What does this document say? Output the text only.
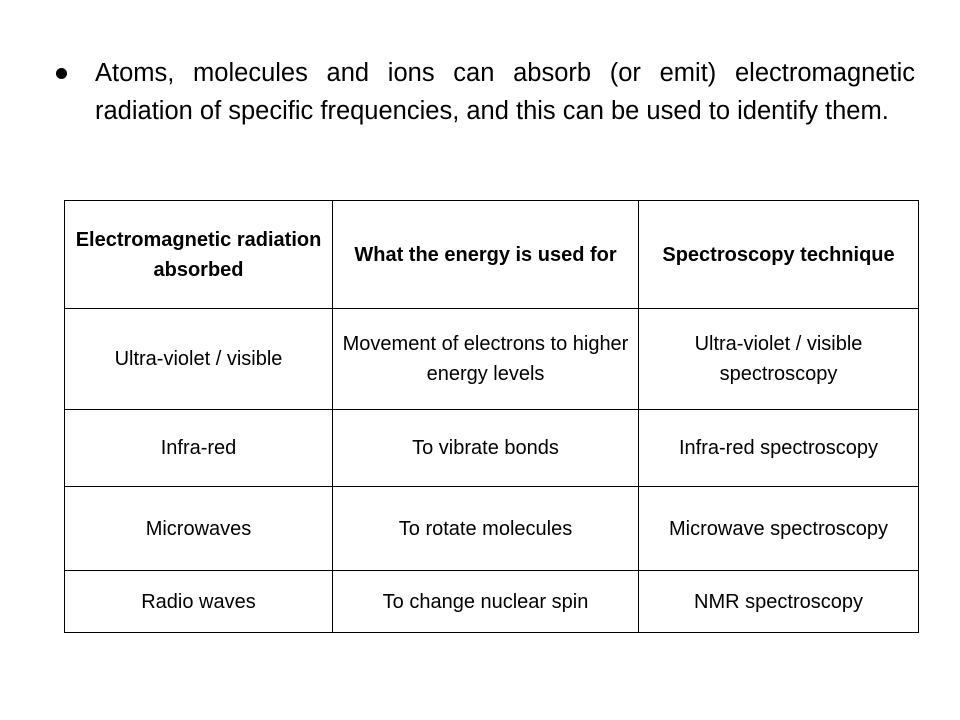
Atoms, molecules and ions can absorb (or emit) electromagnetic radiation of specific frequencies, and this can be used to identify them.
Electromagnetic radiation absorbed	What the energy is used for	Spectroscopy technique
Ultra-violet / visible	Movement of electrons to higher energy levels	Ultra-violet / visible spectroscopy
Infra-red	To vibrate bonds	Infra-red spectroscopy
Microwaves	To rotate molecules	Microwave spectroscopy
Radio waves	To change nuclear spin	NMR spectroscopy
